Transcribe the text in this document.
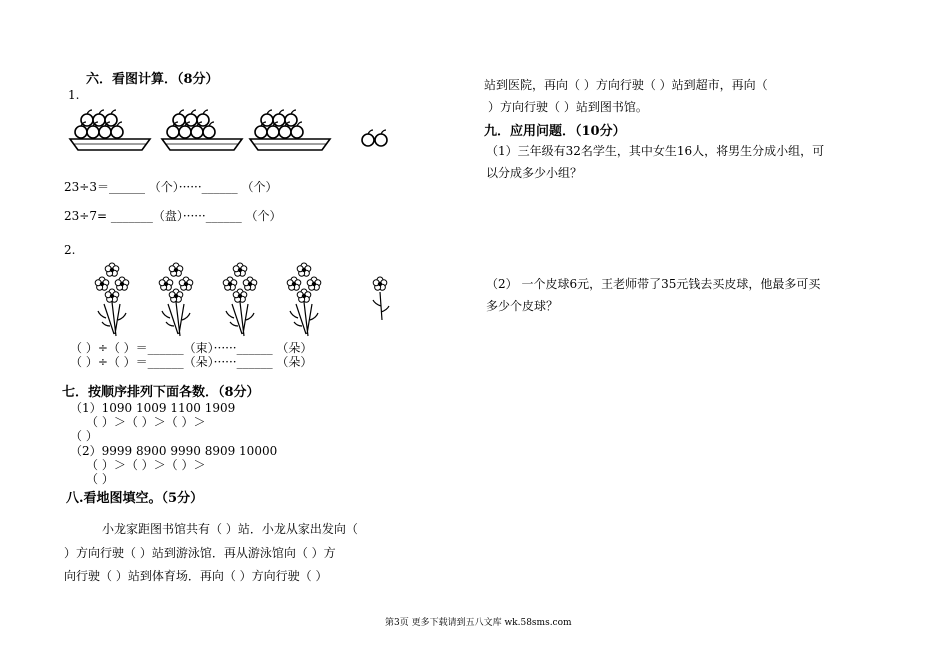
六．看图计算．（8分）
1.
23÷3＝______ （个）······______ （个）
23÷7= _______（盘）······______ （个）
2.
（ ）÷（ ）＝______（束）······______ （朵）
（ ）÷（ ）＝______（朵）······______ （朵）
七．按顺序排列下面各数．（8分）
（1）1090 1009 1100 1909
（ ）＞（ ）＞（ ）＞
（ ）
（2）9999 8900 9990 8909 10000
（ ）＞（ ）＞（ ）＞
（ ）
八.看地图填空。（5分）
小龙家距图书馆共有（ ）站．小龙从家出发向（
）方向行驶（ ）站到游泳馆．再从游泳馆向（ ）方
向行驶（ ）站到体育场．再向（ ）方向行驶（ ）
站到医院，再向（ ）方向行驶（ ）站到超市，再向（
）方向行驶（ ）站到图书馆。
九．应用问题．（10分）
（1）三年级有32名学生，其中女生16人，将男生分成小组，可
以分成多少小组？
（2） 一个皮球6元，王老师带了35元钱去买皮球，他最多可买
多少个皮球？
第3页 更多下载请到五八文库 wk.58sms.com
